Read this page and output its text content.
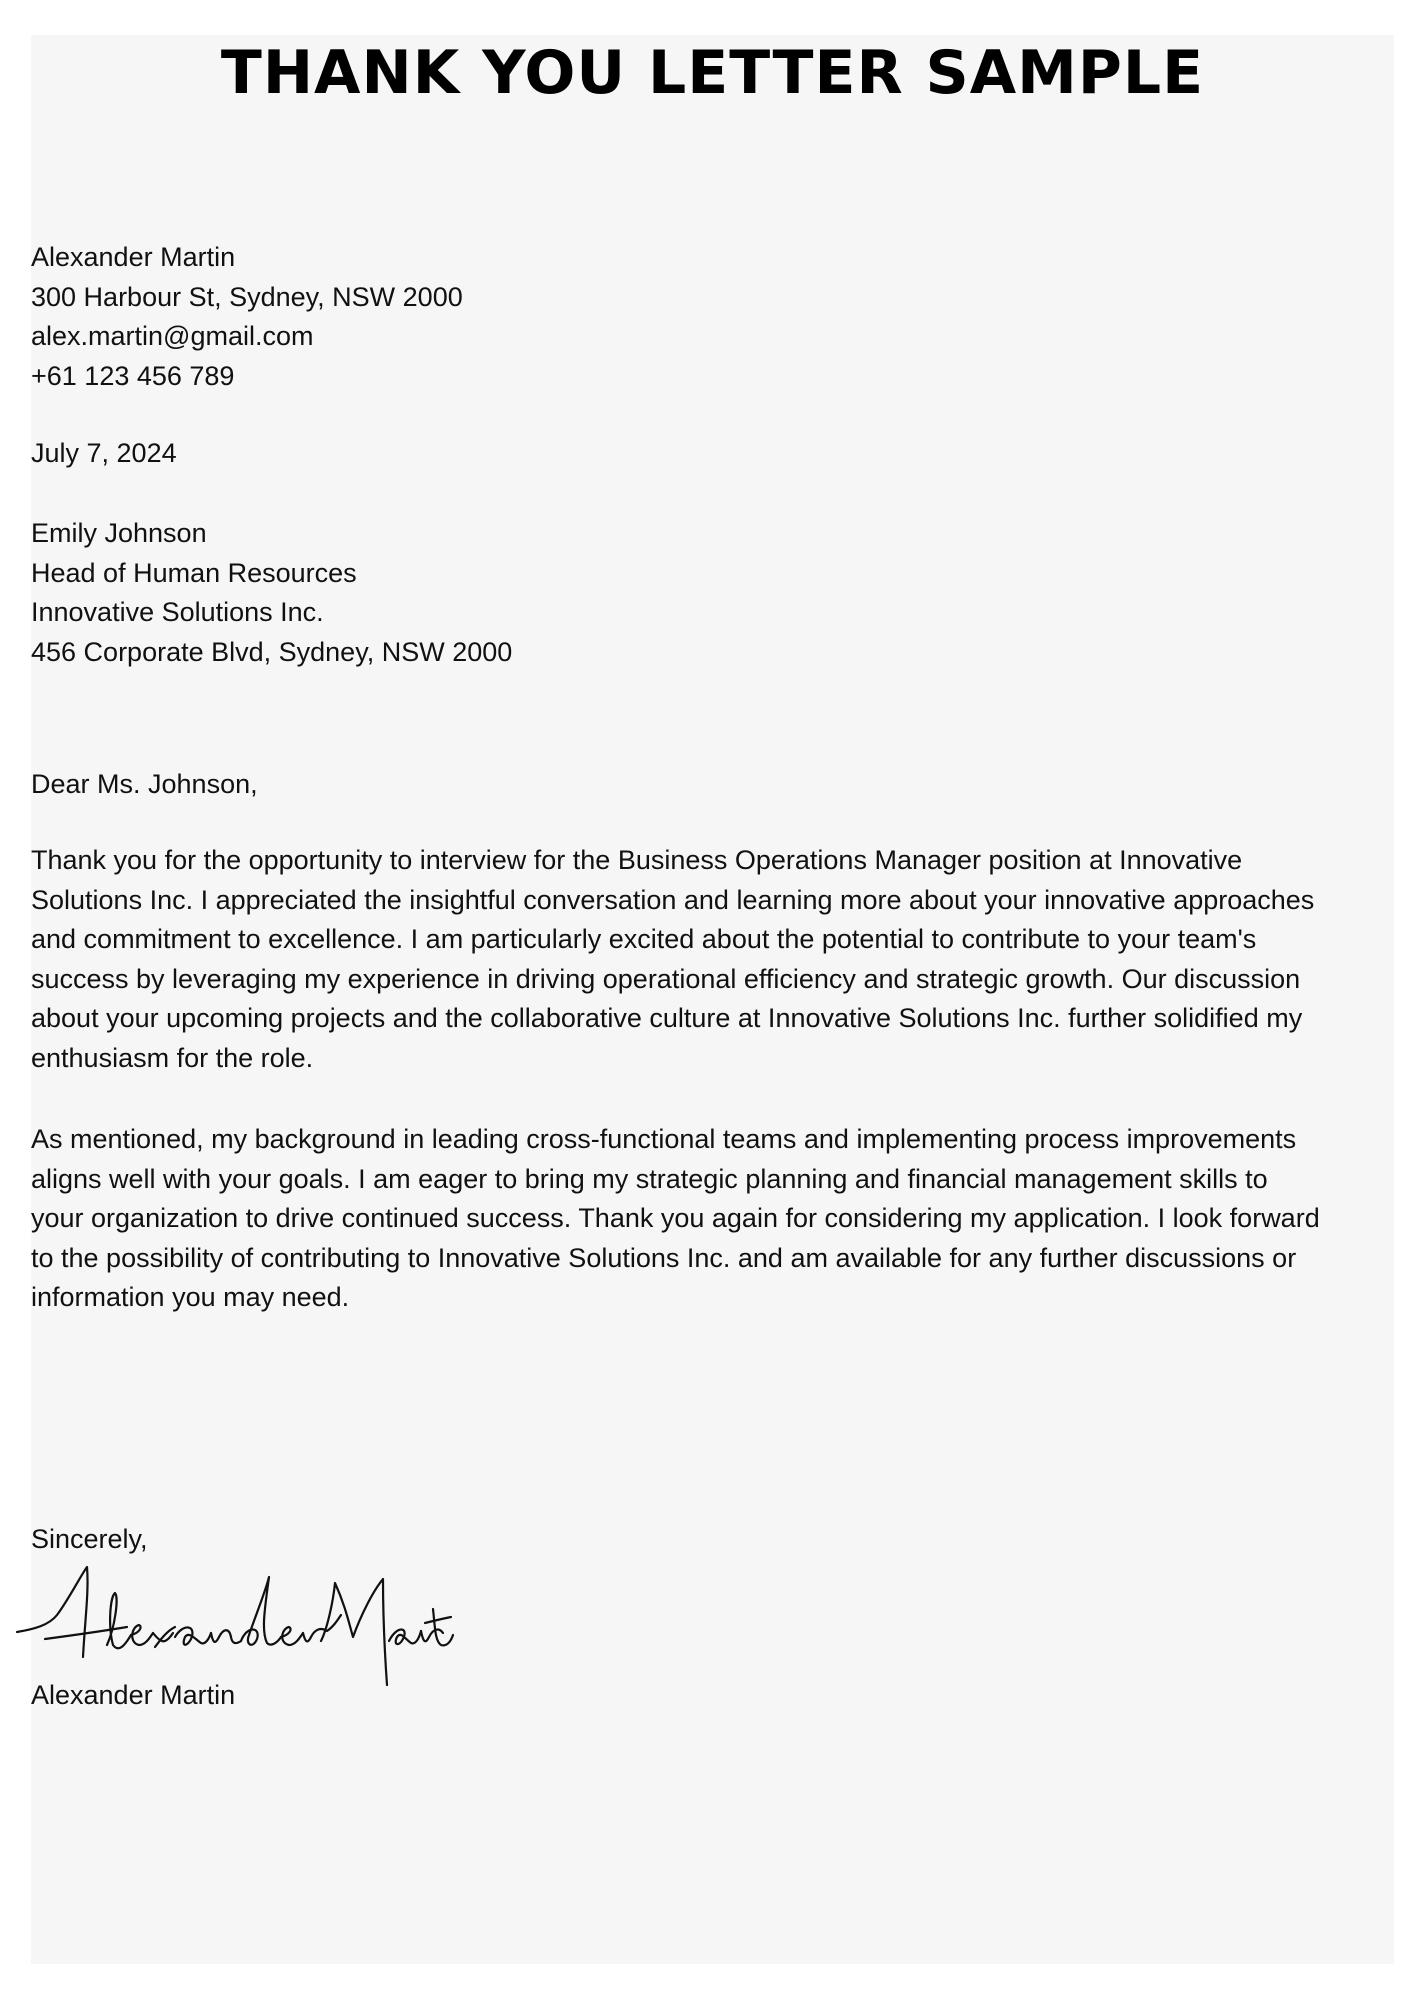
THANK YOU LETTER SAMPLE
Alexander Martin
300 Harbour St, Sydney, NSW 2000
alex.martin@gmail.com
+61 123 456 789
July 7, 2024
Emily Johnson
Head of Human Resources
Innovative Solutions Inc.
456 Corporate Blvd, Sydney, NSW 2000
Dear Ms. Johnson,

Thank you for the opportunity to interview for the Business Operations Manager position at Innovative Solutions Inc. I appreciated the insightful conversation and learning more about your innovative approaches and commitment to excellence. I am particularly excited about the potential to contribute to your team's success by leveraging my experience in driving operational efficiency and strategic growth. Our discussion about your upcoming projects and the collaborative culture at Innovative Solutions Inc. further solidified my enthusiasm for the role.

As mentioned, my background in leading cross-functional teams and implementing process improvements aligns well with your goals. I am eager to bring my strategic planning and financial management skills to your organization to drive continued success. Thank you again for considering my application. I look forward to the possibility of contributing to Innovative Solutions Inc. and am available for any further discussions or information you may need.

Sincerely,
Alexander Martin
